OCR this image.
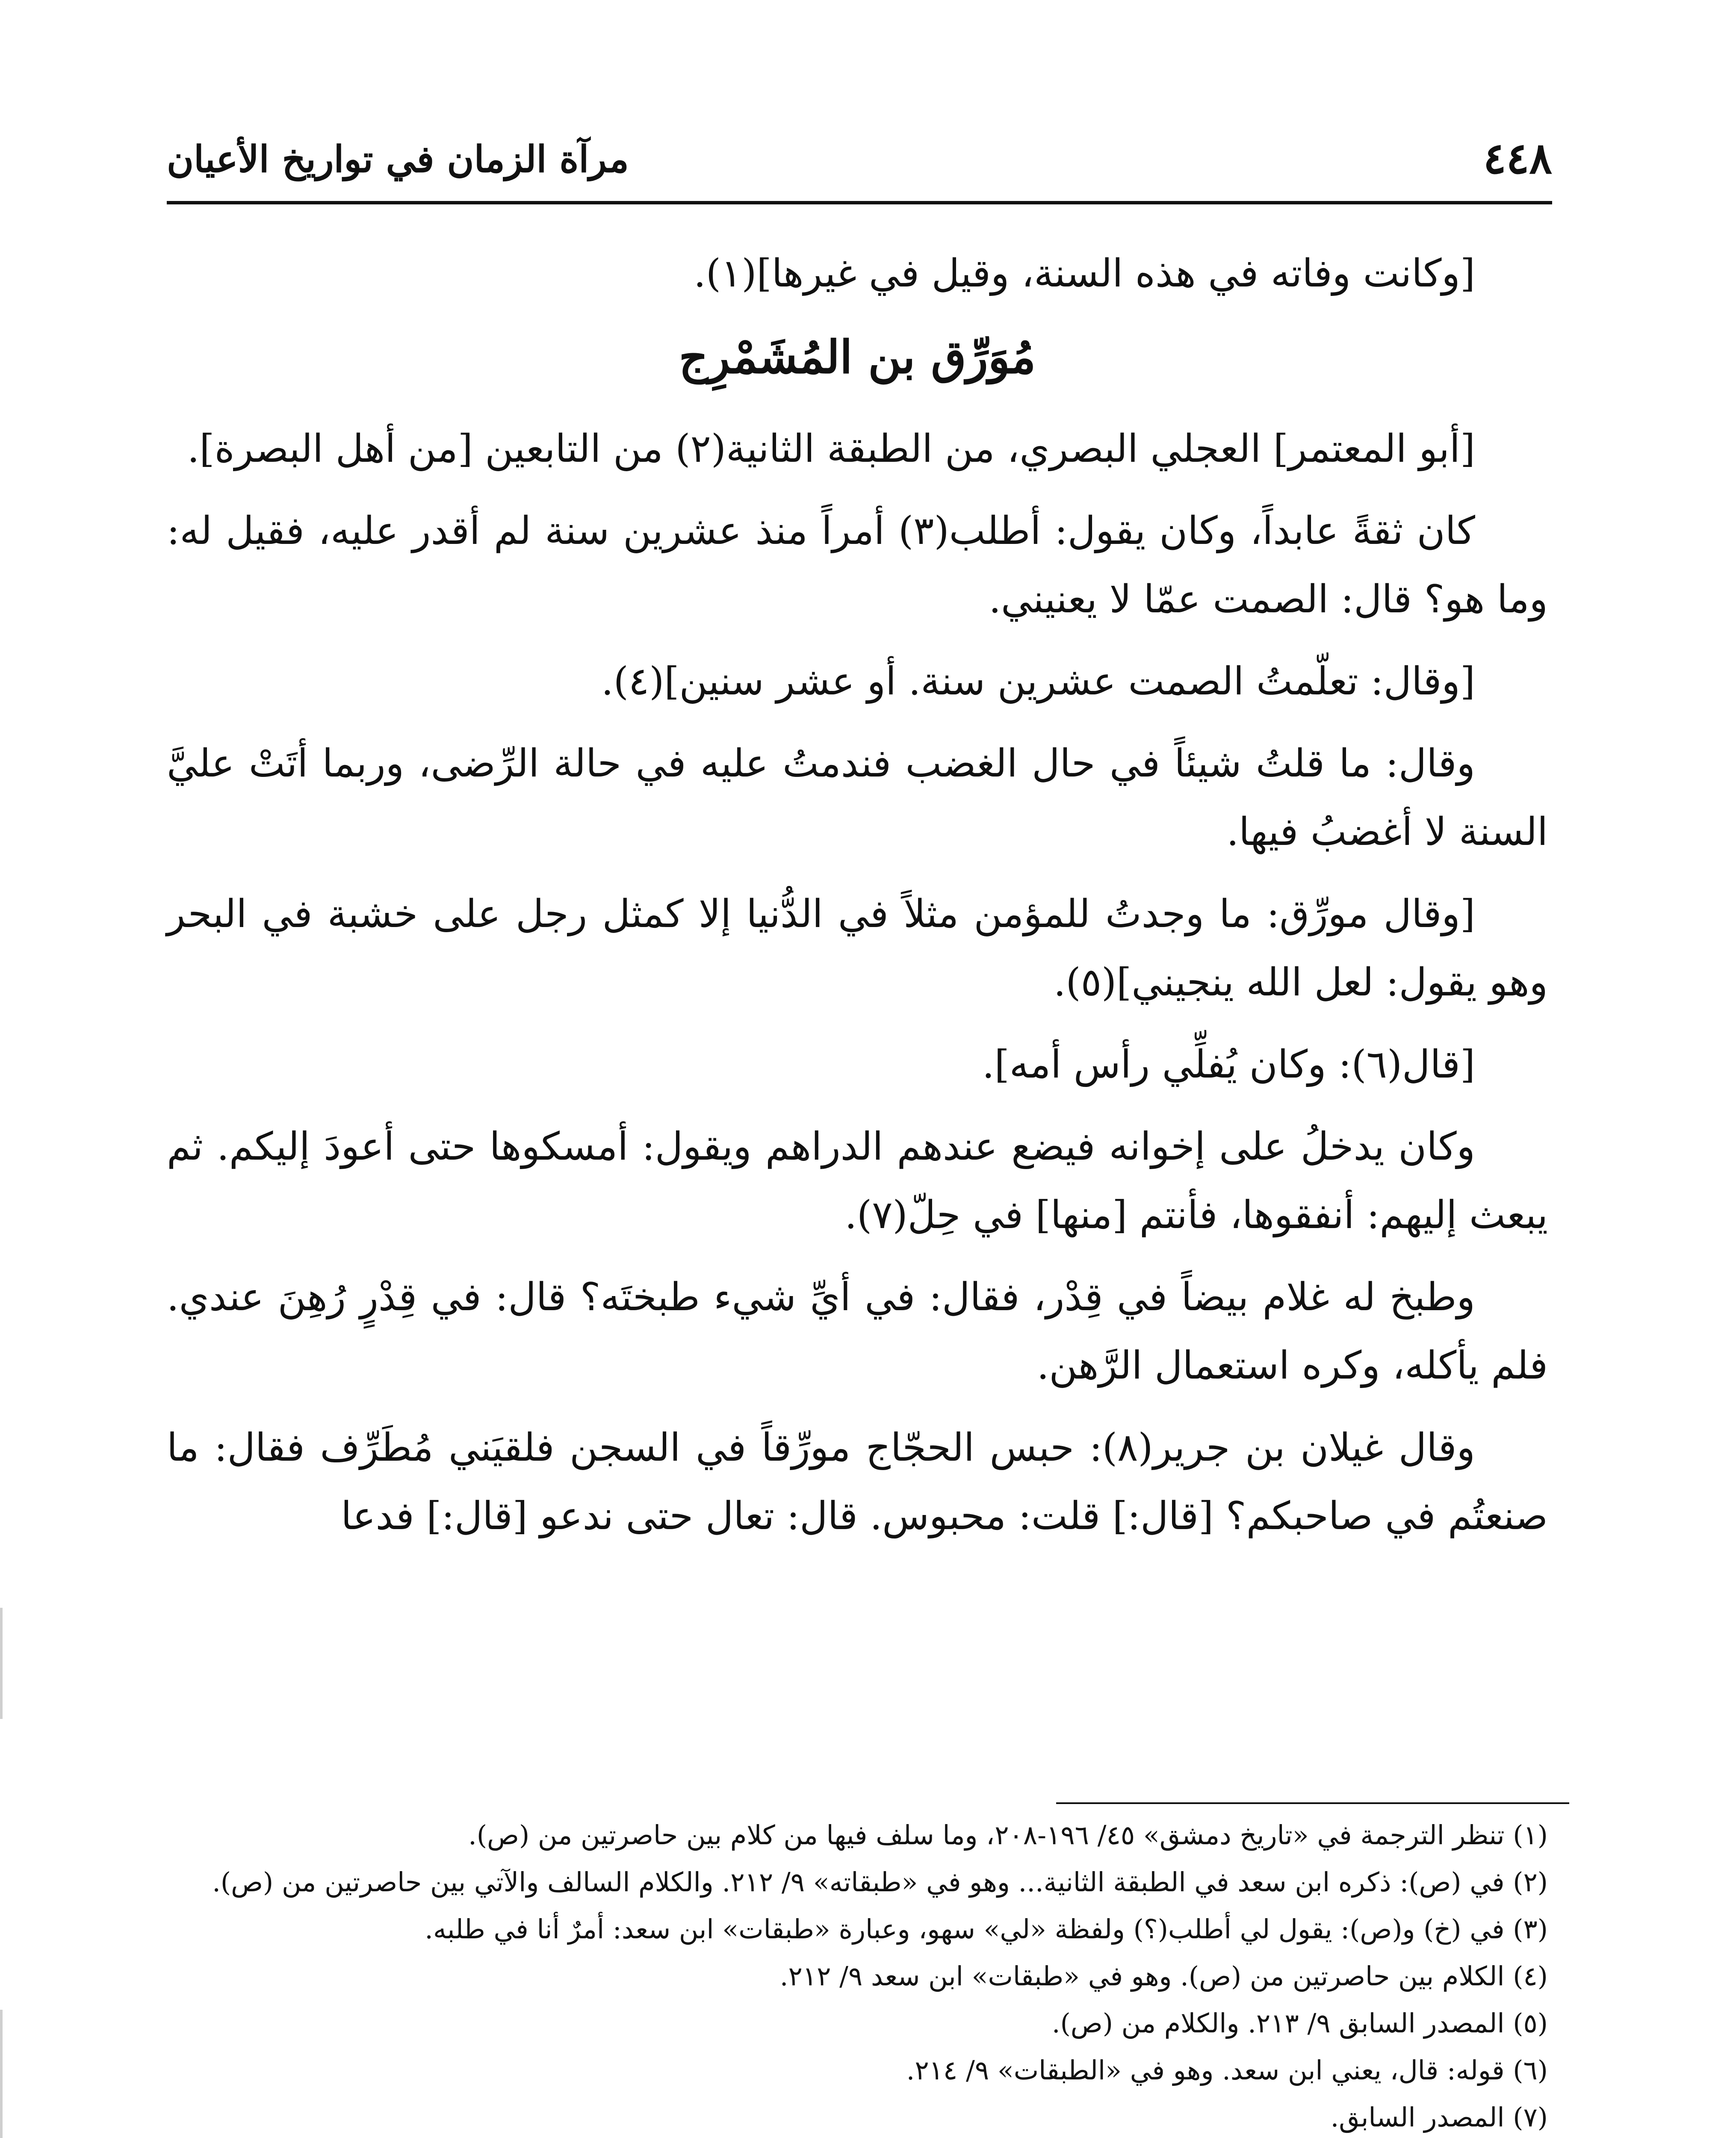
٤٤٨
مرآة الزمان في تواريخ الأعيان

[وكانت وفاته في هذه السنة، وقيل في غيرها](١).

مُوَرِّق بن المُشَمْرِج

[أبو المعتمر] العجلي البصري، من الطبقة الثانية(٢) من التابعين [من أهل البصرة].

كان ثقةً عابداً، وكان يقول: أطلب(٣) أمراً منذ عشرين سنة لم أقدر عليه، فقيل له: وما هو؟ قال: الصمت عمّا لا يعنيني.

[وقال: تعلّمتُ الصمت عشرين سنة. أو عشر سنين](٤).

وقال: ما قلتُ شيئاً في حال الغضب فندمتُ عليه في حالة الرِّضى، وربما أتَتْ عليَّ السنة لا أغضبُ فيها.

[وقال مورِّق: ما وجدتُ للمؤمن مثلاً في الدُّنيا إلا كمثل رجل على خشبة في البحر وهو يقول: لعل الله ينجيني](٥).

[قال(٦): وكان يُفلِّي رأس أمه].

وكان يدخلُ على إخوانه فيضع عندهم الدراهم ويقول: أمسكوها حتى أعودَ إليكم. ثم يبعث إليهم: أنفقوها، فأنتم [منها] في حِلّ(٧).

وطبخ له غلام بيضاً في قِدْر، فقال: في أيِّ شيء طبختَه؟ قال: في قِدْرٍ رُهِنَ عندي. فلم يأكله، وكره استعمال الرَّهن.

وقال غيلان بن جرير(٨): حبس الحجّاج مورِّقاً في السجن فلقيَني مُطَرِّف فقال: ما صنعتُم في صاحبكم؟ [قال:] قلت: محبوس. قال: تعال حتى ندعو [قال:] فدعا

(١) تنظر الترجمة في «تاريخ دمشق» ٤٥/ ١٩٦-٢٠٨، وما سلف فيها من كلام بين حاصرتين من (ص).

(٢) في (ص): ذكره ابن سعد في الطبقة الثانية... وهو في «طبقاته» ٩/ ٢١٢. والكلام السالف والآتي بين حاصرتين من (ص).

(٣) في (خ) و(ص): يقول لي أطلب(؟) ولفظة «لي» سهو، وعبارة «طبقات» ابن سعد: أمرٌ أنا في طلبه.

(٤) الكلام بين حاصرتين من (ص). وهو في «طبقات» ابن سعد ٩/ ٢١٢.

(٥) المصدر السابق ٩/ ٢١٣. والكلام من (ص).

(٦) قوله: قال، يعني ابن سعد. وهو في «الطبقات» ٩/ ٢١٤.

(٧) المصدر السابق.
